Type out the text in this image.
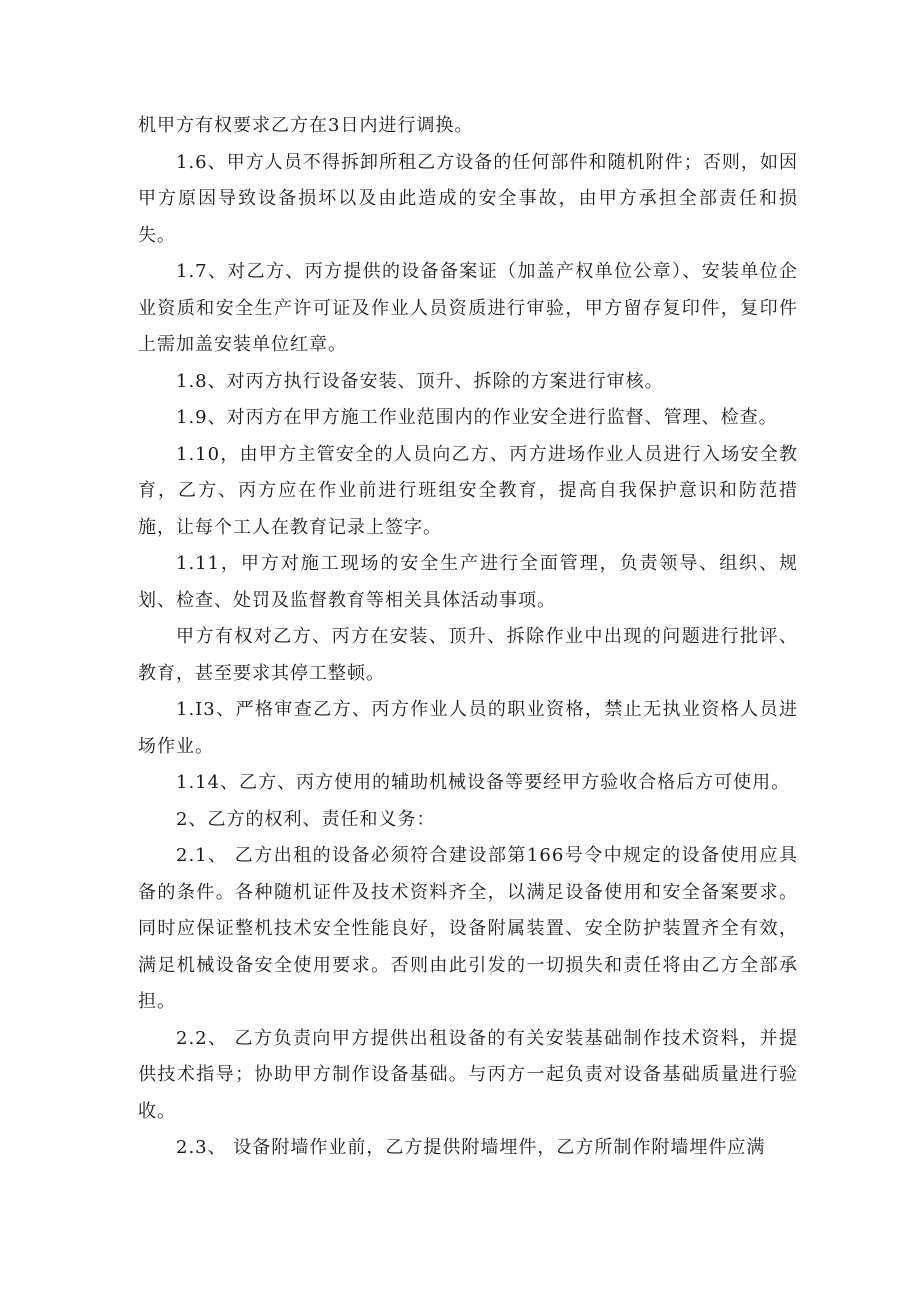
机甲方有权要求乙方在3日内进行调换。

1.6、甲方人员不得拆卸所租乙方设备的任何部件和随机附件；否则，如因甲方原因导致设备损坏以及由此造成的安全事故，由甲方承担全部责任和损失。

1.7、对乙方、丙方提供的设备备案证（加盖产权单位公章）、安装单位企业资质和安全生产许可证及作业人员资质进行审验，甲方留存复印件，复印件上需加盖安装单位红章。

1.8、对丙方执行设备安装、顶升、拆除的方案进行审核。

1.9、对丙方在甲方施工作业范围内的作业安全进行监督、管理、检查。

1.10，由甲方主管安全的人员向乙方、丙方进场作业人员进行入场安全教育，乙方、丙方应在作业前进行班组安全教育，提高自我保护意识和防范措施，让每个工人在教育记录上签字。

1.11，甲方对施工现场的安全生产进行全面管理，负责领导、组织、规划、检查、处罚及监督教育等相关具体活动事项。

甲方有权对乙方、丙方在安装、顶升、拆除作业中出现的问题进行批评、教育，甚至要求其停工整顿。

1.I3、严格审查乙方、丙方作业人员的职业资格，禁止无执业资格人员进场作业。

1.14、乙方、丙方使用的辅助机械设备等要经甲方验收合格后方可使用。

2、乙方的权利、责任和义务：

2.1、 乙方出租的设备必须符合建设部第166号令中规定的设备使用应具备的条件。各种随机证件及技术资料齐全，以满足设备使用和安全备案要求。同时应保证整机技术安全性能良好，设备附属装置、安全防护装置齐全有效，满足机械设备安全使用要求。否则由此引发的一切损失和责任将由乙方全部承担。

2.2、 乙方负责向甲方提供出租设备的有关安装基础制作技术资料，并提供技术指导；协助甲方制作设备基础。与丙方一起负责对设备基础质量进行验收。

2.3、 设备附墙作业前，乙方提供附墙埋件，乙方所制作附墙埋件应满
